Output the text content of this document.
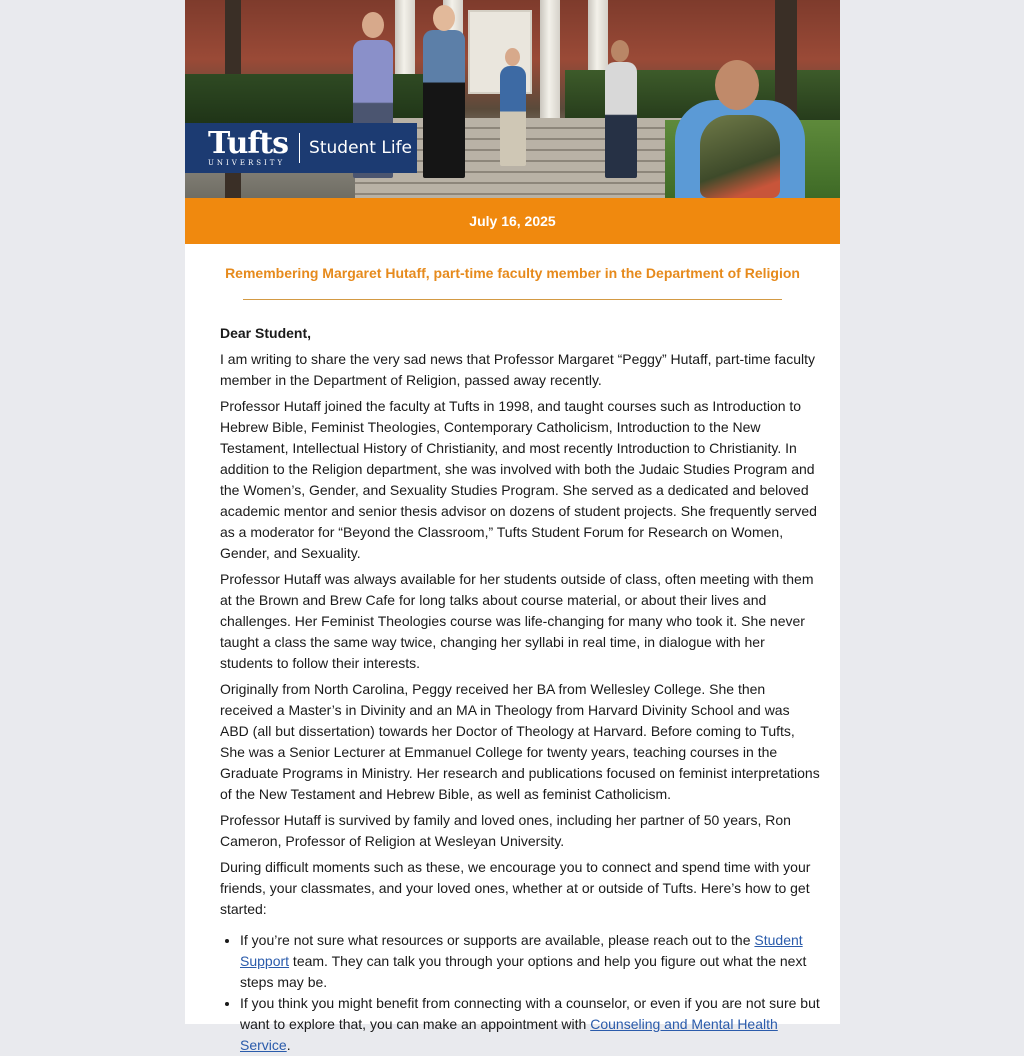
Tufts
UNIVERSITY
Student Life
July 16, 2025
Remembering Margaret Hutaff, part-time faculty member in the Department of Religion

Dear Student,

I am writing to share the very sad news that Professor Margaret “Peggy” Hutaff, part-time faculty member in the Department of Religion, passed away recently.

Professor Hutaff joined the faculty at Tufts in 1998, and taught courses such as Introduction to Hebrew Bible, Feminist Theologies, Contemporary Catholicism, Introduction to the New Testament, Intellectual History of Christianity, and most recently Introduction to Christianity. In addition to the Religion department, she was involved with both the Judaic Studies Program and the Women’s, Gender, and Sexuality Studies Program. She served as a dedicated and beloved academic mentor and senior thesis advisor on dozens of student projects. She frequently served as a moderator for “Beyond the Classroom,” Tufts Student Forum for Research on Women, Gender, and Sexuality.

Professor Hutaff was always available for her students outside of class, often meeting with them at the Brown and Brew Cafe for long talks about course material, or about their lives and challenges. Her Feminist Theologies course was life-changing for many who took it. She never taught a class the same way twice, changing her syllabi in real time, in dialogue with her students to follow their interests.

Originally from North Carolina, Peggy received her BA from Wellesley College. She then received a Master’s in Divinity and an MA in Theology from Harvard Divinity School and was ABD (all but dissertation) towards her Doctor of Theology at Harvard. Before coming to Tufts, She was a Senior Lecturer at Emmanuel College for twenty years, teaching courses in the Graduate Programs in Ministry. Her research and publications focused on feminist interpretations of the New Testament and Hebrew Bible, as well as feminist Catholicism.

Professor Hutaff is survived by family and loved ones, including her partner of 50 years, Ron Cameron, Professor of Religion at Wesleyan University.

During difficult moments such as these, we encourage you to connect and spend time with your friends, your classmates, and your loved ones, whether at or outside of Tufts. Here’s how to get started:

• If you’re not sure what resources or supports are available, please reach out to the Student Support team. They can talk you through your options and help you figure out what the next steps may be.
• If you think you might benefit from connecting with a counselor, or even if you are not sure but want to explore that, you can make an appointment with Counseling and Mental Health Service.
